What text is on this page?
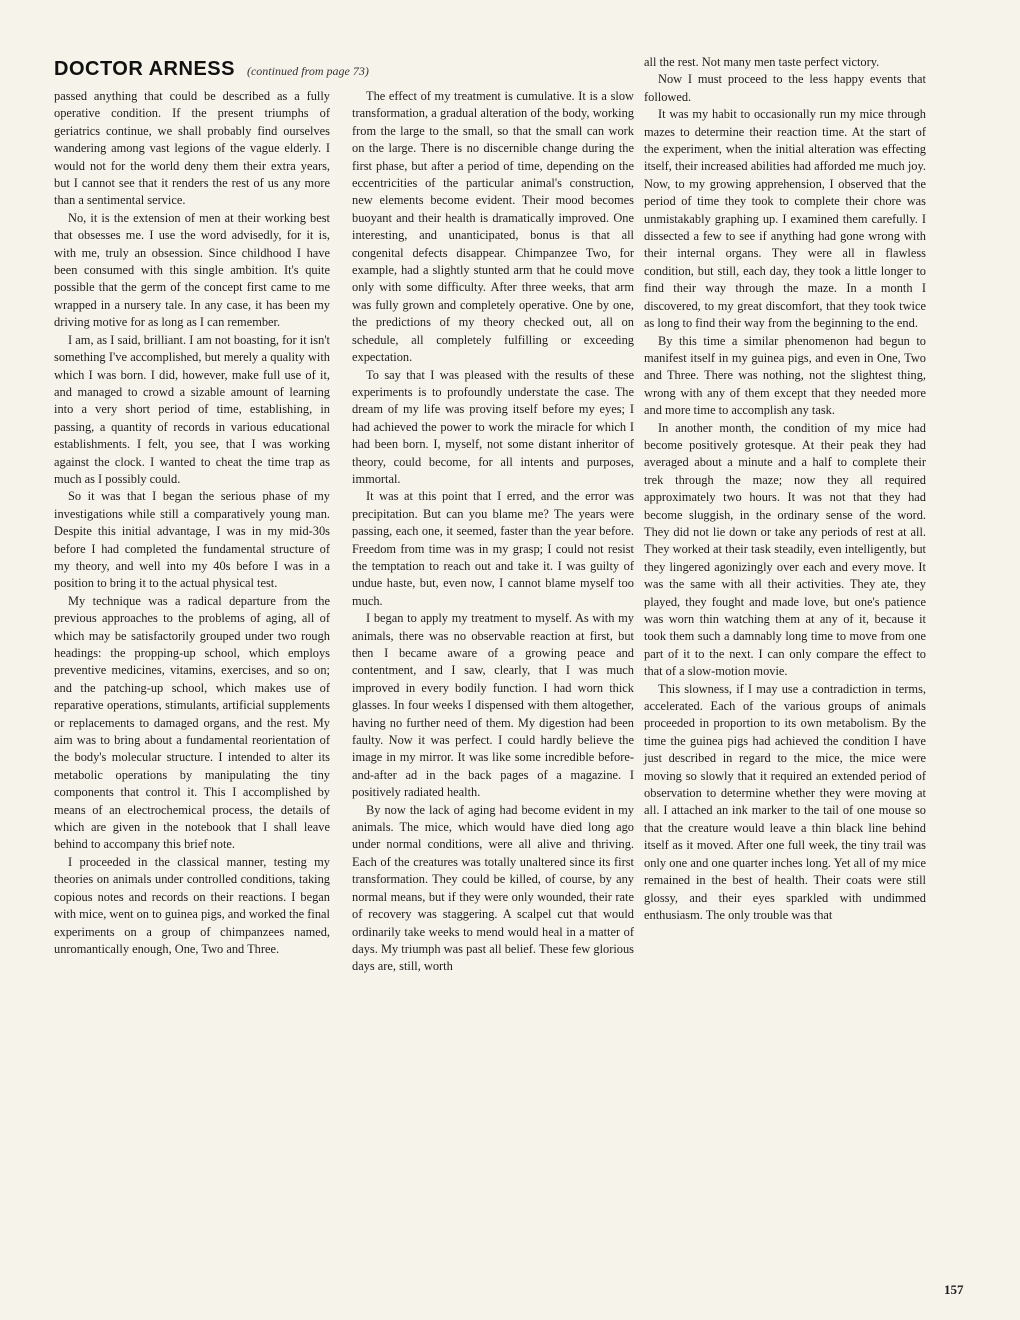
DOCTOR ARNESS (continued from page 73)

passed anything that could be described as a fully operative condition. If the present triumphs of geriatrics continue, we shall probably find ourselves wandering among vast legions of the vague elderly. I would not for the world deny them their extra years, but I cannot see that it renders the rest of us any more than a sentimental service.

No, it is the extension of men at their working best that obsesses me. I use the word advisedly, for it is, with me, truly an obsession. Since childhood I have been consumed with this single ambition. It's quite possible that the germ of the concept first came to me wrapped in a nursery tale. In any case, it has been my driving motive for as long as I can remember.

I am, as I said, brilliant. I am not boasting, for it isn't something I've accomplished, but merely a quality with which I was born. I did, however, make full use of it, and managed to crowd a sizable amount of learning into a very short period of time, establishing, in passing, a quantity of records in various educational establishments. I felt, you see, that I was working against the clock. I wanted to cheat the time trap as much as I possibly could.

So it was that I began the serious phase of my investigations while still a comparatively young man. Despite this initial advantage, I was in my mid-30s before I had completed the fundamental structure of my theory, and well into my 40s before I was in a position to bring it to the actual physical test.

My technique was a radical departure from the previous approaches to the problems of aging, all of which may be satisfactorily grouped under two rough headings: the propping-up school, which employs preventive medicines, vitamins, exercises, and so on; and the patching-up school, which makes use of reparative operations, stimulants, artificial supplements or replacements to damaged organs, and the rest. My aim was to bring about a fundamental reorientation of the body's molecular structure. I intended to alter its metabolic operations by manipulating the tiny components that control it. This I accomplished by means of an electrochemical process, the details of which are given in the notebook that I shall leave behind to accompany this brief note.

I proceeded in the classical manner, testing my theories on animals under controlled conditions, taking copious notes and records on their reactions. I began with mice, went on to guinea pigs, and worked the final experiments on a group of chimpanzees named, unromantically enough, One, Two and Three.

The effect of my treatment is cumulative. It is a slow transformation, a gradual alteration of the body, working from the large to the small, so that the small can work on the large. There is no discernible change during the first phase, but after a period of time, depending on the eccentricities of the particular animal's construction, new elements become evident. Their mood becomes buoyant and their health is dramatically improved. One interesting, and unanticipated, bonus is that all congenital defects disappear. Chimpanzee Two, for example, had a slightly stunted arm that he could move only with some difficulty. After three weeks, that arm was fully grown and completely operative. One by one, the predictions of my theory checked out, all on schedule, all completely fulfilling or exceeding expectation.

To say that I was pleased with the results of these experiments is to profoundly understate the case. The dream of my life was proving itself before my eyes; I had achieved the power to work the miracle for which I had been born. I, myself, not some distant inheritor of theory, could become, for all intents and purposes, immortal.

It was at this point that I erred, and the error was precipitation. But can you blame me? The years were passing, each one, it seemed, faster than the year before. Freedom from time was in my grasp; I could not resist the temptation to reach out and take it. I was guilty of undue haste, but, even now, I cannot blame myself too much.

I began to apply my treatment to myself. As with my animals, there was no observable reaction at first, but then I became aware of a growing peace and contentment, and I saw, clearly, that I was much improved in every bodily function. I had worn thick glasses. In four weeks I dispensed with them altogether, having no further need of them. My digestion had been faulty. Now it was perfect. I could hardly believe the image in my mirror. It was like some incredible before-and-after ad in the back pages of a magazine. I positively radiated health.

By now the lack of aging had become evident in my animals. The mice, which would have died long ago under normal conditions, were all alive and thriving. Each of the creatures was totally unaltered since its first transformation. They could be killed, of course, by any normal means, but if they were only wounded, their rate of recovery was staggering. A scalpel cut that would ordinarily take weeks to mend would heal in a matter of days. My triumph was past all belief. These few glorious days are, still, worth

all the rest. Not many men taste perfect victory.

Now I must proceed to the less happy events that followed.

It was my habit to occasionally run my mice through mazes to determine their reaction time. At the start of the experiment, when the initial alteration was effecting itself, their increased abilities had afforded me much joy. Now, to my growing apprehension, I observed that the period of time they took to complete their chore was unmistakably graphing up. I examined them carefully. I dissected a few to see if anything had gone wrong with their internal organs. They were all in flawless condition, but still, each day, they took a little longer to find their way through the maze. In a month I discovered, to my great discomfort, that they took twice as long to find their way from the beginning to the end.

By this time a similar phenomenon had begun to manifest itself in my guinea pigs, and even in One, Two and Three. There was nothing, not the slightest thing, wrong with any of them except that they needed more and more time to accomplish any task.

In another month, the condition of my mice had become positively grotesque. At their peak they had averaged about a minute and a half to complete their trek through the maze; now they all required approximately two hours. It was not that they had become sluggish, in the ordinary sense of the word. They did not lie down or take any periods of rest at all. They worked at their task steadily, even intelligently, but they lingered agonizingly over each and every move. It was the same with all their activities. They ate, they played, they fought and made love, but one's patience was worn thin watching them at any of it, because it took them such a damnably long time to move from one part of it to the next. I can only compare the effect to that of a slow-motion movie.

This slowness, if I may use a contradiction in terms, accelerated. Each of the various groups of animals proceeded in proportion to its own metabolism. By the time the guinea pigs had achieved the condition I have just described in regard to the mice, the mice were moving so slowly that it required an extended period of observation to determine whether they were moving at all. I attached an ink marker to the tail of one mouse so that the creature would leave a thin black line behind itself as it moved. After one full week, the tiny trail was only one and one quarter inches long. Yet all of my mice remained in the best of health. Their coats were still glossy, and their eyes sparkled with undimmed enthusiasm. The only trouble was that

157
